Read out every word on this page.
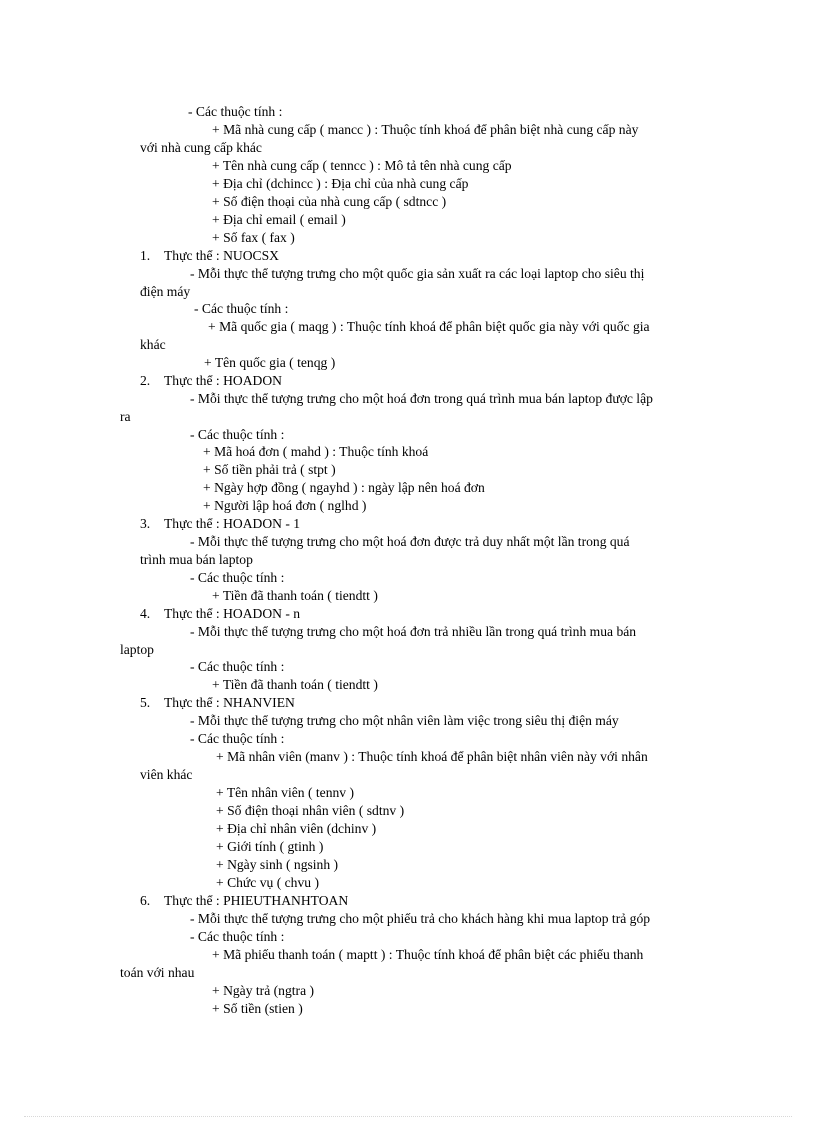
- Các thuộc tính :
+ Mã nhà cung cấp ( mancc ) : Thuộc tính khoá để phân biệt nhà cung cấp này
với nhà cung cấp khác
+ Tên nhà cung cấp ( tenncc ) : Mô tả tên nhà cung cấp
+ Địa chỉ (dchincc ) : Địa chỉ của nhà cung cấp
+ Số điện thoại của nhà cung cấp ( sdtncc )
+ Địa chỉ email ( email )
+ Số fax ( fax )
1. Thực thể : NUOCSX
- Mỗi thực thể tượng trưng cho một quốc gia sản xuất ra các loại laptop cho siêu thị
điện máy
- Các thuộc tính :
+ Mã quốc gia ( maqg ) : Thuộc tính khoá để phân biệt quốc gia này với quốc gia
khác
+ Tên quốc gia ( tenqg )
2. Thực thể : HOADON
- Mỗi thực thể tượng trưng cho một hoá đơn trong quá trình mua bán laptop được lập
ra
- Các thuộc tính :
+ Mã hoá đơn ( mahd ) : Thuộc tính khoá
+ Số tiền phải trả ( stpt )
+ Ngày hợp đồng ( ngayhd ) : ngày lập nên hoá đơn
+ Người lập hoá đơn ( nglhd )
3. Thực thể : HOADON - 1
- Mỗi thực thể tượng trưng cho một hoá đơn được trả duy nhất một lần trong quá
trình mua bán laptop
- Các thuộc tính :
+ Tiền đã thanh toán ( tiendtt )
4. Thực thể : HOADON - n
- Mỗi thực thể tượng trưng cho một hoá đơn trả nhiều lần trong quá trình mua bán
laptop
- Các thuộc tính :
+ Tiền đã thanh toán ( tiendtt )
5. Thực thể : NHANVIEN
- Mỗi thực thể tượng trưng cho một nhân viên làm việc trong siêu thị điện máy
- Các thuộc tính :
+ Mã nhân viên (manv ) : Thuộc tính khoá để phân biệt nhân viên này với nhân
viên khác
+ Tên nhân viên ( tennv )
+ Số điện thoại nhân viên ( sdtnv )
+ Địa chỉ nhân viên (dchinv )
+ Giới tính ( gtinh )
+ Ngày sinh ( ngsinh )
+ Chức vụ ( chvu )
6. Thực thể : PHIEUTHANHTOAN
- Mỗi thực thể tượng trưng cho một phiếu trả cho khách hàng khi mua laptop trả góp
- Các thuộc tính :
+ Mã phiếu thanh toán ( maptt ) : Thuộc tính khoá để phân biệt các phiếu thanh
toán với nhau
+ Ngày trả (ngtra )
+ Số tiền (stien )
